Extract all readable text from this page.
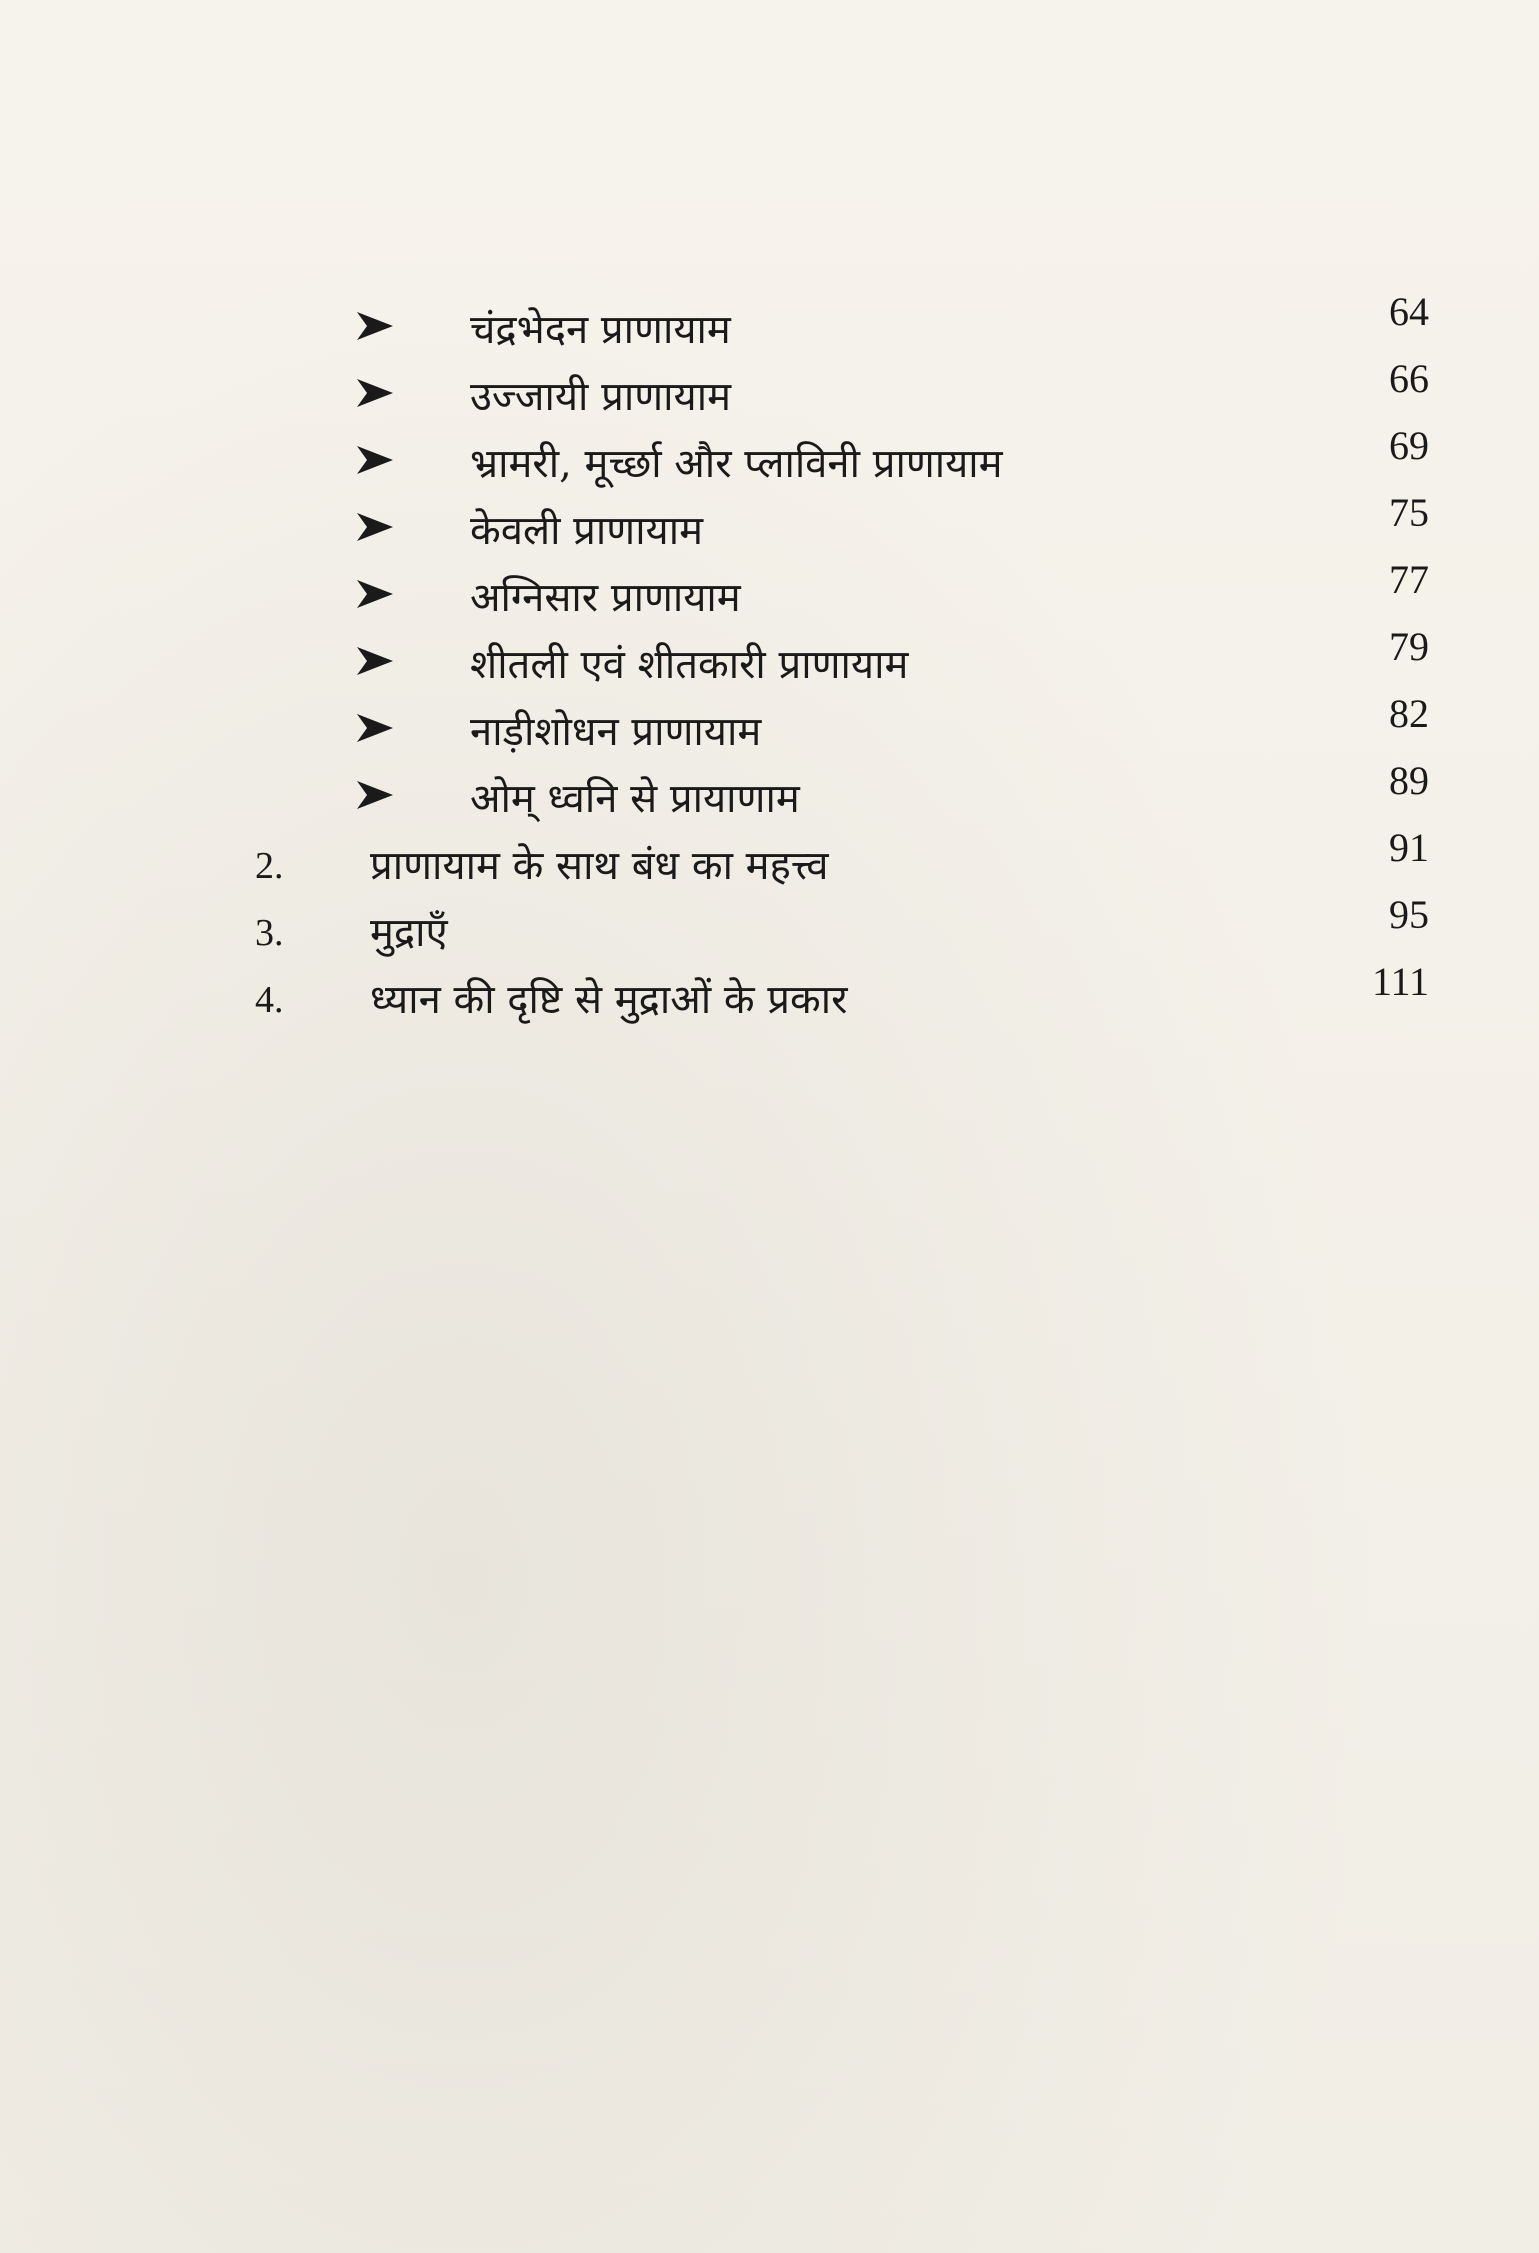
चंद्रभेदन प्राणायाम	64
उज्जायी प्राणायाम	66
भ्रामरी, मूर्च्छा और प्लाविनी प्राणायाम	69
केवली प्राणायाम	75
अग्निसार प्राणायाम	77
शीतली एवं शीतकारी प्राणायाम	79
नाड़ीशोधन प्राणायाम	82
ओम् ध्वनि से प्रायाणाम	89
2. प्राणायाम के साथ बंध का महत्त्व	91
3. मुद्राएँ	95
4. ध्यान की दृष्टि से मुद्राओं के प्रकार	111
